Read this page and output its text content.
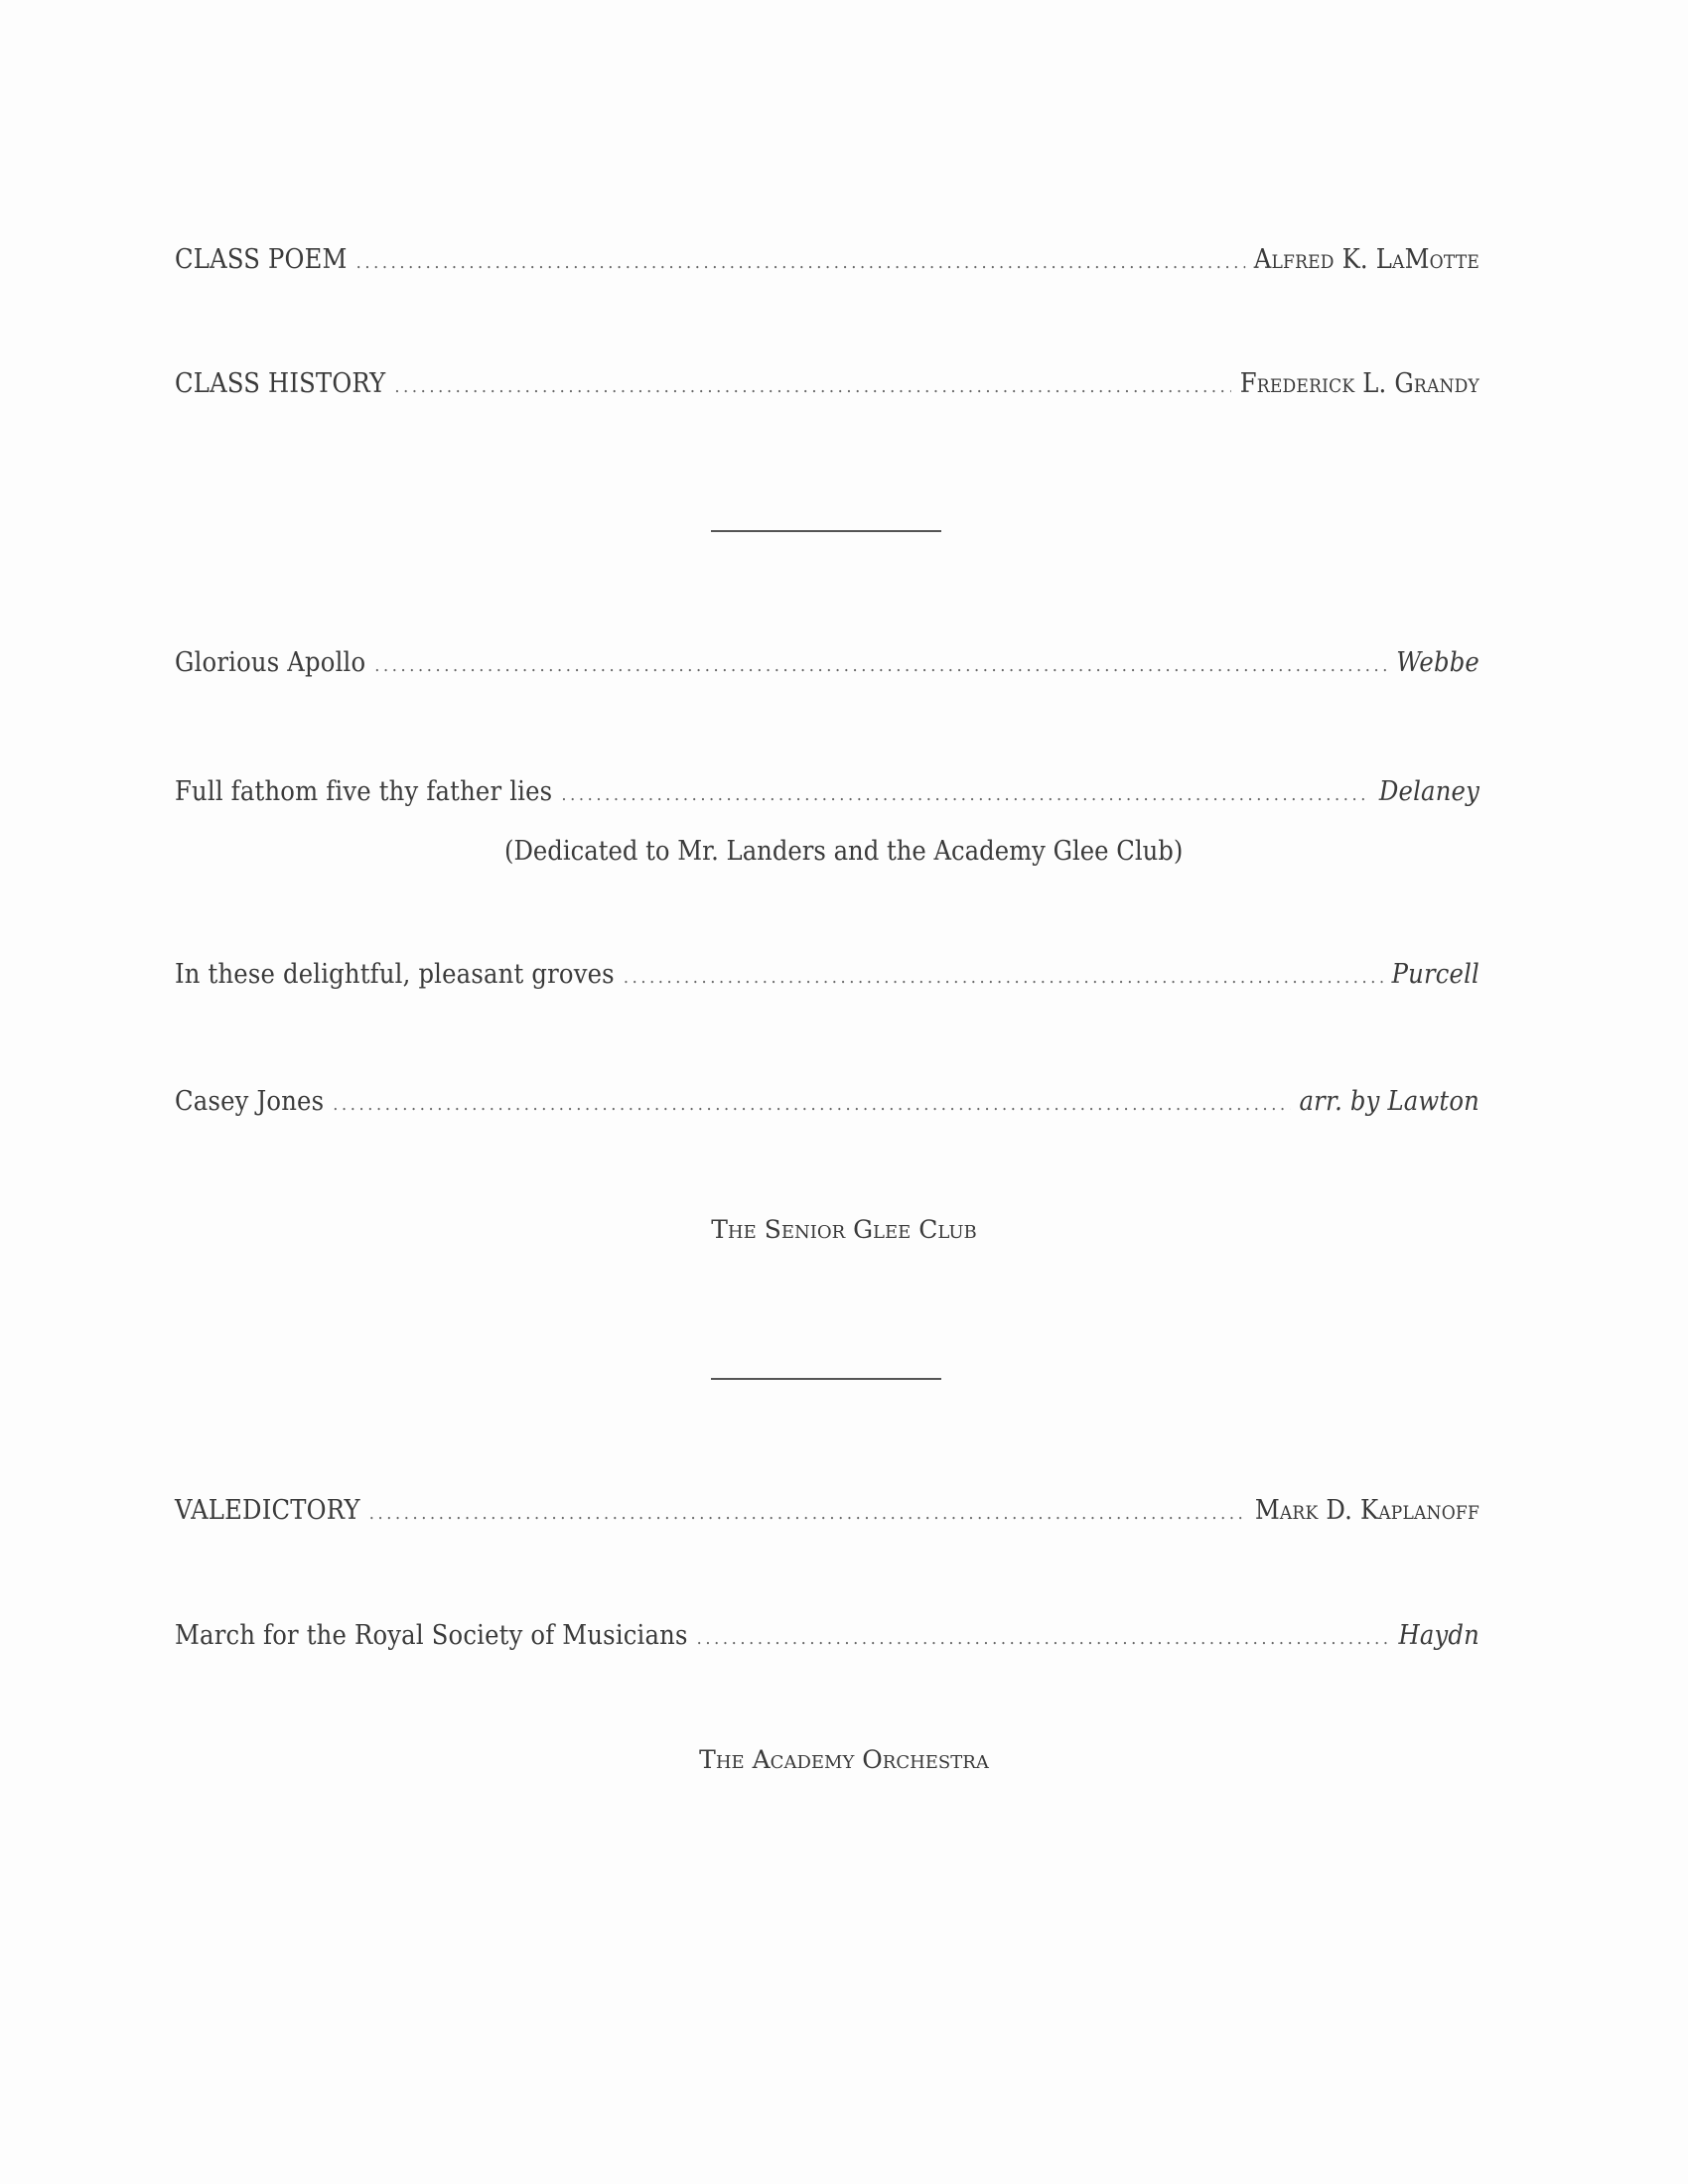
CLASS POEM .....	Alfred K. LaMotte
CLASS HISTORY .....	Frederick L. Grandy
Glorious Apollo .....	Webbe
Full fathom five thy father lies .....	Delaney
(Dedicated to Mr. Landers and the Academy Glee Club)
In these delightful, pleasant groves .....	Purcell
Casey Jones .....	arr. by Lawton
The Senior Glee Club
VALEDICTORY .....	Mark D. Kaplanoff
March for the Royal Society of Musicians .....	Haydn
The Academy Orchestra
